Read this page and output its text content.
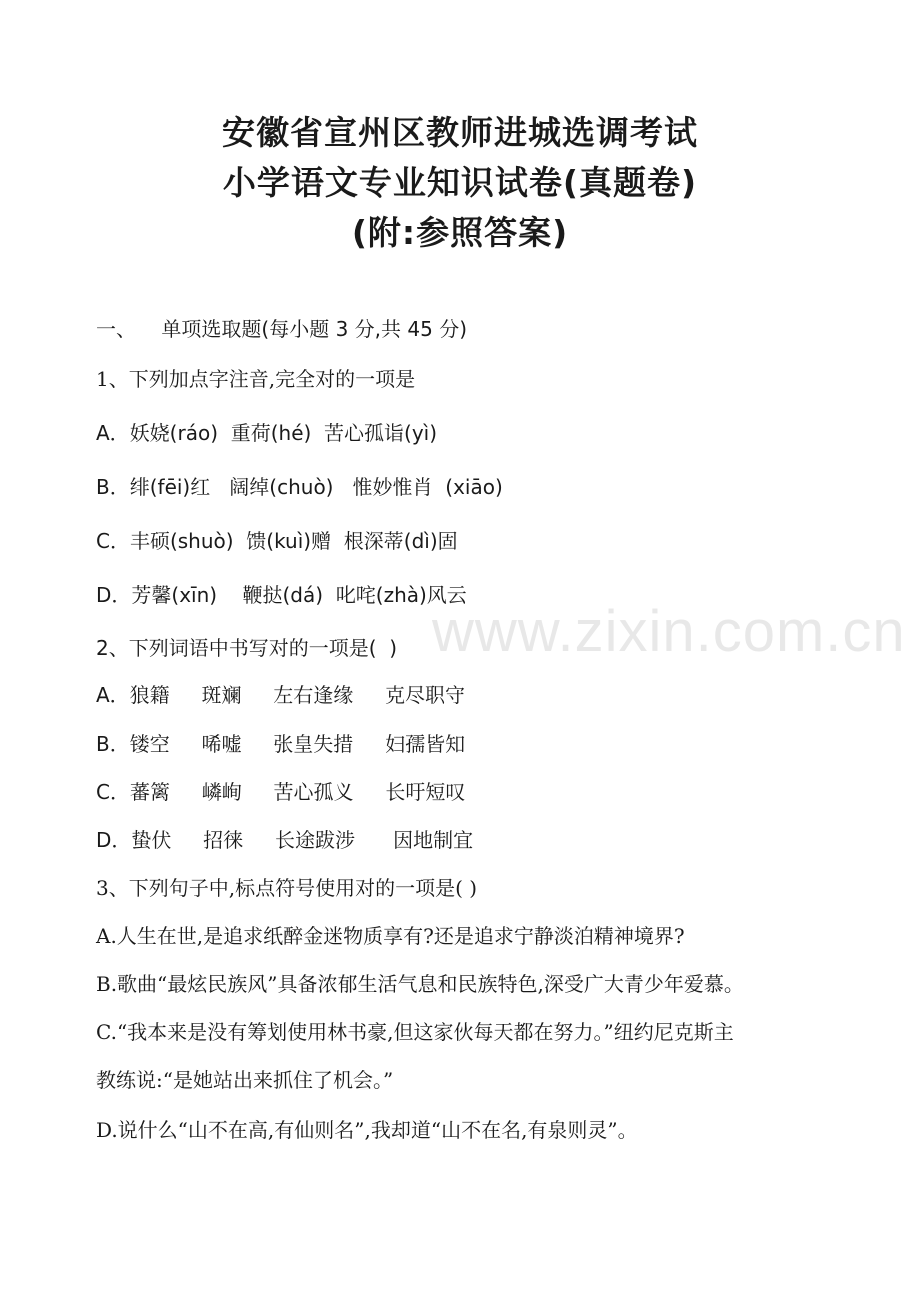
安徽省宣州区教师进城选调考试
小学语文专业知识试卷(真题卷)
(附:参照答案)
一、    单项选取题(每小题 3 分,共 45 分)
1、下列加点字注音,完全对的一项是
A．妖娆(ráo)  重荷(hé)  苦心孤诣(yì)
B．绯(fēi)红   阔绰(chuò)   惟妙惟肖  (xiāo)
C．丰硕(shuò)  馈(kuì)赠  根深蒂(dì)固
D．芳馨(xīn)    鞭挞(dá)  叱咤(zhà)风云
2、下列词语中书写对的一项是(  )
A．狼籍     斑斓     左右逢缘     克尽职守
B．镂空     唏嘘     张皇失措     妇孺皆知
C．蕃篱     嶙峋     苦心孤义     长吁短叹
D．蛰伏     招徕     长途跋涉      因地制宜
3、下列句子中,标点符号使用对的一项是( )
A.人生在世,是追求纸醉金迷物质享有?还是追求宁静淡泊精神境界?
B.歌曲“最炫民族风”具备浓郁生活气息和民族特色,深受广大青少年爱慕。
C.“我本来是没有筹划使用林书豪,但这家伙每天都在努力。”纽约尼克斯主
教练说:“是她站出来抓住了机会。”
D.说什么“山不在高,有仙则名”,我却道“山不在名,有泉则灵”。
www.zixin.com.cn
